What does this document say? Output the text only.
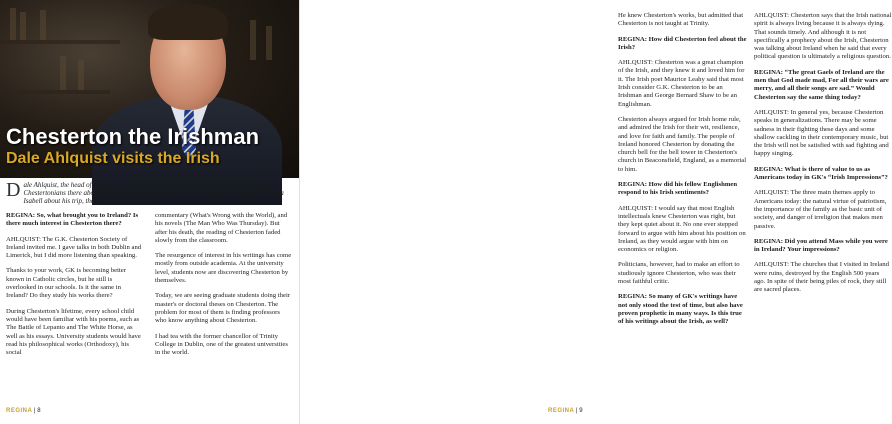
Chesterton the Irishman
Dale Ahlquist visits the Irish
Dale Ahlquist, the head of the American Chesterton Society, visited Dublin to talk with the Chestertonians there about their favorite author. Here, Dale tells Regina Magazine's Tamara Isabell about his trip, the Irish, and Chesterton.

REGINA: So, what brought you to Ireland? Is there much interest in Chesterton there?

AHLQUIST: The G.K. Chesterton Society of Ireland invited me. I gave talks in both Dublin and Limerick, but I did more listening than speaking.

Thanks to your work, GK is becoming better known in Catholic circles, but he still is overlooked in our schools. Is it the same in Ireland? Do they study his works there?

During Chesterton's lifetime, every school child would have been familiar with his poems, such as The Battle of Lepanto and The White Horse, as well as his essays. University students would have read his philosophical works (Orthodoxy), his social

commentary (What's Wrong with the World), and his novels (The Man Who Was Thursday). But after his death, the reading of Chesterton faded slowly from the classroom.

The resurgence of interest in his writings has come mostly from outside academia. At the university level, students now are discovering Chesterton by themselves.

Today, we are seeing graduate students doing their master's or doctoral theses on Chesterton. The problem for most of them is finding professors who know anything about Chesterton.

I had tea with the former chancellor of Trinity College in Dublin, one of the greatest universities in the world.

REGINA | 8

He knew Chesterton's works, but admitted that Chesterton is not taught at Trinity.

REGINA: How did Chesterton feel about the Irish?

AHLQUIST: Chesterton was a great champion of the Irish, and they knew it and loved him for it. The Irish poet Maurice Leahy said that most Irish consider G.K. Chesterton to be an Irishman and George Bernard Shaw to be an Englishman.

Chesterton always argued for Irish home rule, and admired the Irish for their wit, resilience, and love for faith and family. The people of Ireland honored Chesterton by donating the church bell for the bell tower in Chesterton's church in Beaconsfield, England, as a memorial to him.

REGINA: How did his fellow Englishmen respond to his Irish sentiments?

AHLQUIST: I would say that most English intellectuals knew Chesterton was right, but they kept quiet about it. No one ever stepped forward to argue with him about his position on Ireland, as they would argue with him on economics or religion.

Politicians, however, had to make an effort to studiously ignore Chesterton, who was their most faithful critic.

REGINA: So many of GK's writings have not only stood the test of time, but also have proven prophetic in many ways. Is this true of his writings about the Irish, as well?

AHLQUIST: Chesterton says that the Irish national spirit is always living because it is always dying. That sounds timely. And although it is not specifically a prophecy about the Irish, Chesterton was talking about Ireland when he said that every political question is ultimately a religious question.

REGINA: “The great Gaels of Ireland are the men that God made mad, For all their wars are merry, and all their songs are sad.” Would Chesterton say the same thing today?

AHLQUIST: In general yes, because Chesterton speaks in generalizations. There may be some sadness in their fighting these days and some shallow cackling in their contemporary music, but the Irish will not be satisfied with sad fighting and happy singing.

REGINA: What is there of value to us as Americans today in GK's “Irish Impressions”?

AHLQUIST: The three main themes apply to Americans today: the natural virtue of patriotism, the importance of the family as the basic unit of society, and danger of irreligion that makes men passive.

REGINA: Did you attend Mass while you were in Ireland? Your impressions?

AHLQUIST: The churches that I visited in Ireland were ruins, destroyed by the English 500 years ago. In spite of their being piles of rock, they still are sacred places.

REGINA | 9
